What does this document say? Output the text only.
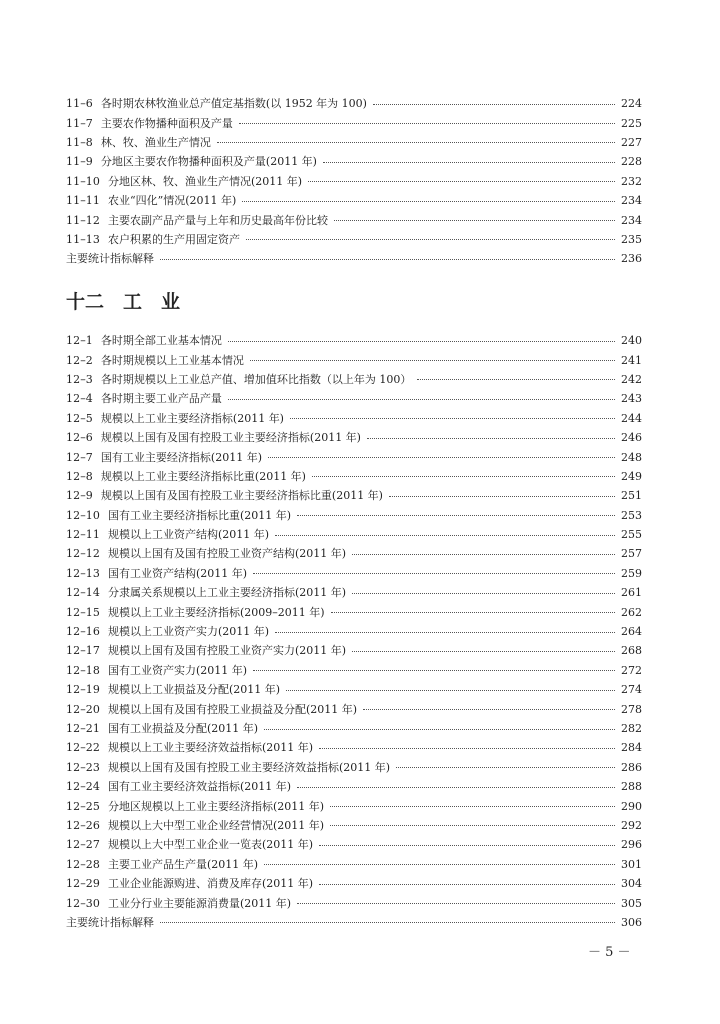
11–6 各时期农林牧渔业总产值定基指数(以 1952 年为 100)	224
11–7 主要农作物播种面积及产量	225
11–8 林、牧、渔业生产情况	227
11–9 分地区主要农作物播种面积及产量(2011 年)	228
11–10 分地区林、牧、渔业生产情况(2011 年)	232
11–11 农业“四化”情况(2011 年)	234
11–12 主要农副产品产量与上年和历史最高年份比较	234
11–13 农户积累的生产用固定资产	235
主要统计指标解释	236
十二　工　业
12–1 各时期全部工业基本情况	240
12–2 各时期规模以上工业基本情况	241
12–3 各时期规模以上工业总产值、增加值环比指数（以上年为 100）	242
12–4 各时期主要工业产品产量	243
12–5 规模以上工业主要经济指标(2011 年)	244
12–6 规模以上国有及国有控股工业主要经济指标(2011 年)	246
12–7 国有工业主要经济指标(2011 年)	248
12–8 规模以上工业主要经济指标比重(2011 年)	249
12–9 规模以上国有及国有控股工业主要经济指标比重(2011 年)	251
12–10 国有工业主要经济指标比重(2011 年)	253
12–11 规模以上工业资产结构(2011 年)	255
12–12 规模以上国有及国有控股工业资产结构(2011 年)	257
12–13 国有工业资产结构(2011 年)	259
12–14 分隶属关系规模以上工业主要经济指标(2011 年)	261
12–15 规模以上工业主要经济指标(2009–2011 年)	262
12–16 规模以上工业资产实力(2011 年)	264
12–17 规模以上国有及国有控股工业资产实力(2011 年)	268
12–18 国有工业资产实力(2011 年)	272
12–19 规模以上工业损益及分配(2011 年)	274
12–20 规模以上国有及国有控股工业损益及分配(2011 年)	278
12–21 国有工业损益及分配(2011 年)	282
12–22 规模以上工业主要经济效益指标(2011 年)	284
12–23 规模以上国有及国有控股工业主要经济效益指标(2011 年)	286
12–24 国有工业主要经济效益指标(2011 年)	288
12–25 分地区规模以上工业主要经济指标(2011 年)	290
12–26 规模以上大中型工业企业经营情况(2011 年)	292
12–27 规模以上大中型工业企业一览表(2011 年)	296
12–28 主要工业产品生产量(2011 年)	301
12–29 工业企业能源购进、消费及库存(2011 年)	304
12–30 工业分行业主要能源消费量(2011 年)	305
主要统计指标解释	306
－ 5 －
